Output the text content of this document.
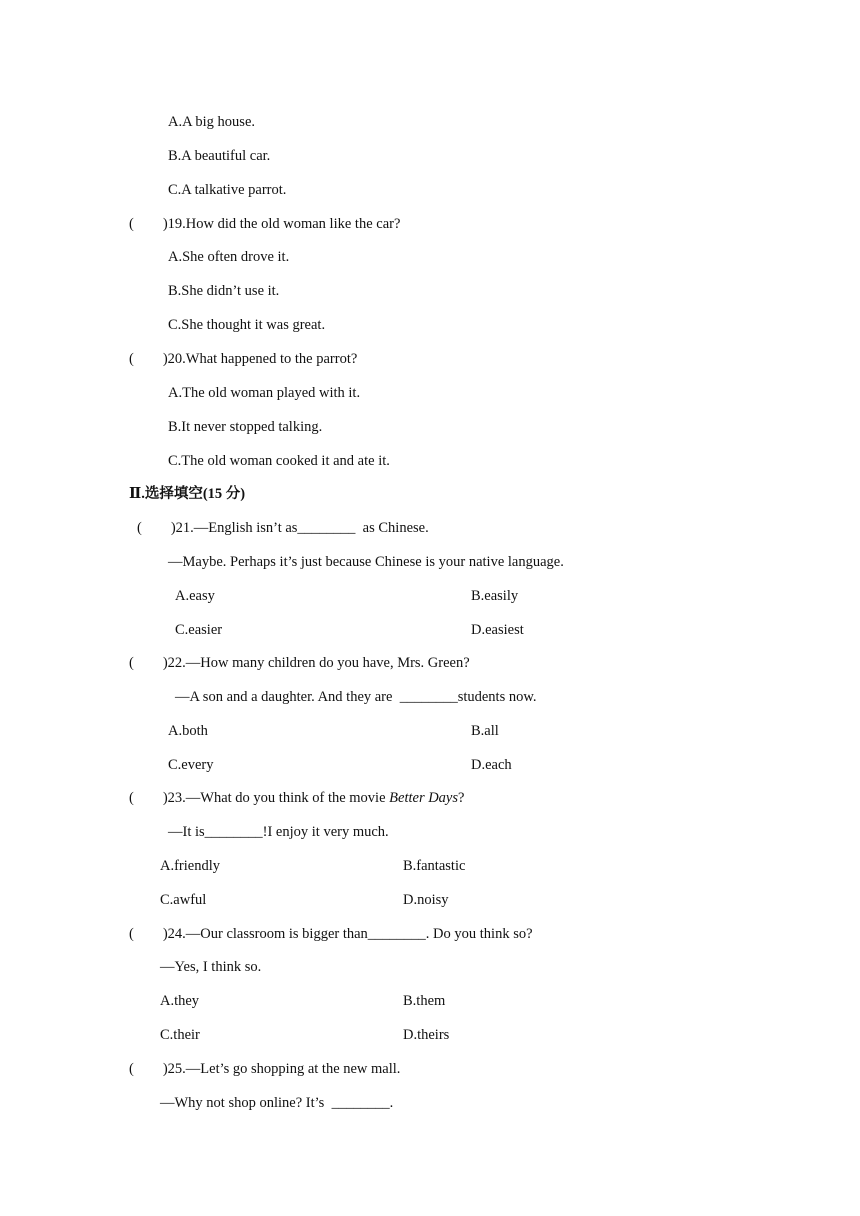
A.A big house.
B.A beautiful car.
C.A talkative parrot.
(        )19.How did the old woman like the car?
A.She often drove it.
B.She didn’t use it.
C.She thought it was great.
(        )20.What happened to the parrot?
A.The old woman played with it.
B.It never stopped talking.
C.The old woman cooked it and ate it.
Ⅱ.选择填空(15 分)
(        )21.—English isn’t as________  as Chinese.
—Maybe. Perhaps it’s just because Chinese is your native language.
A.easy	B.easily
C.easier	D.easiest
(        )22.—How many children do you have, Mrs. Green?
—A son and a daughter. And they are  ________students now.
A.both	B.all
C.every	D.each
(        )23.—What do you think of the movie Better Days?
—It is________!I enjoy it very much.
A.friendly	B.fantastic
C.awful	D.noisy
(        )24.—Our classroom is bigger than________. Do you think so?
—Yes, I think so.
A.they	B.them
C.their	D.theirs
(        )25.—Let’s go shopping at the new mall.
—Why not shop online? It’s  ________.
